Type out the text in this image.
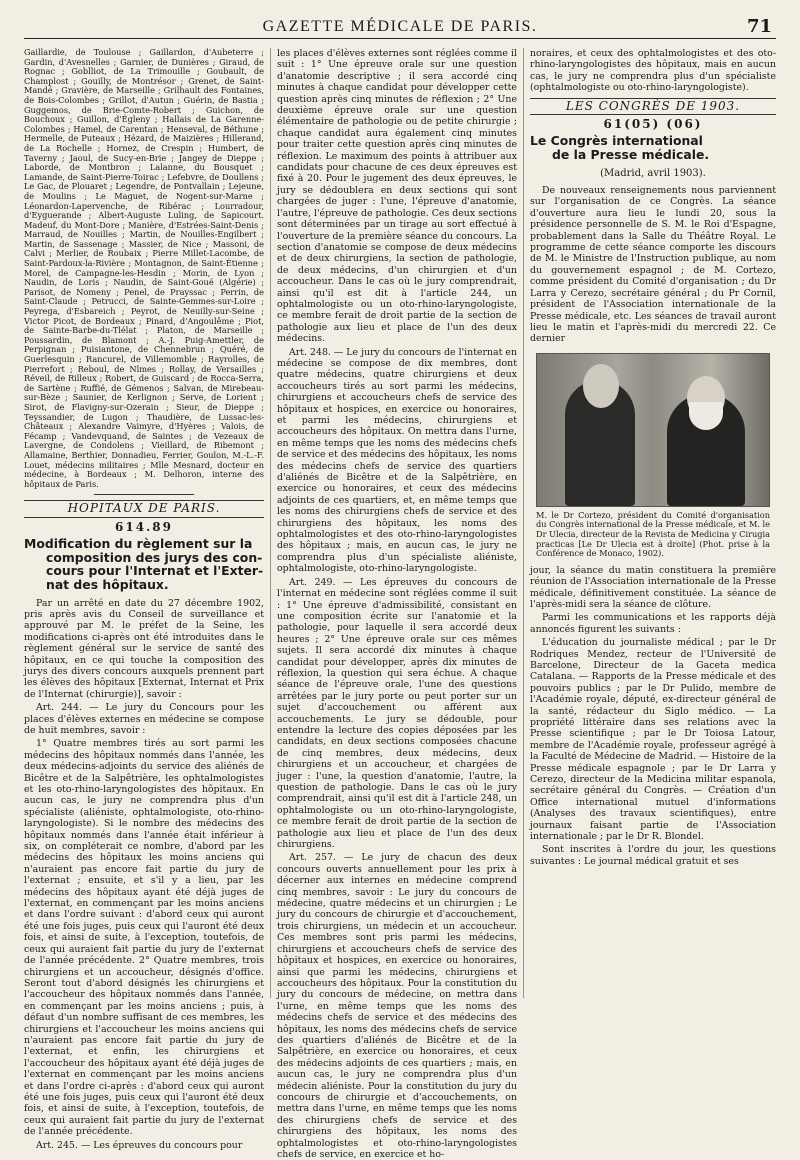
GAZETTE MÉDICALE DE PARIS.	71

Gaillardie, de Toulouse ; Gaillardon, d'Aubeterre ; Gardin, d'Avesnelles ; Garnier, de Dunières ; Giraud, de Rognac ; Goblliot, de La Trimouille ; Goubault, de Champlost ; Gouilly, de Montrésor ; Grenet, de Saint-Mandé ; Gravière, de Marseille ; Grilhault des Fontaines, de Bois-Colombes ; Grillot, d'Autun ; Guérin, de Bastia ; Guggemos, de Brie-Comte-Robert ; Guichon, de Bouchoux ; Guillon, d'Égleny ; Hallais de La Garenne-Colombes ; Hamel, de Carentan ; Henseval, de Béthune ; Hermelle, de Puteaux ; Hézard, de Maizières ; Hillerand, de La Rochelle ; Hornez, de Crespin ; Humbert, de Taverny ; Jaoul, de Sucy-en-Brie ; Jangey de Dieppe ; Laborde, de Montbron ; Lalanne, du Bousquet ; Lamande, de Saint-Pierre-Toirac ; Lefebvre, de Doullens ; Le Gac, de Plouaret ; Legendre, de Pontvallain ; Lejeune, de Moulins ; Le Maguet, de Nogent-sur-Marne ; Léonardon-Lapervenche, de Ribérac ; Lourradour, d'Eyguerande ; Albert-Auguste Luling, de Sapicourt. Madeuf, du Mont-Dore ; Manière, d'Estrées-Saint-Denis ; Marraud, de Nouilles ; Martin, de Nouilles-Engilbert ; Martin, de Sassenage ; Massier, de Nice ; Massoni, de Calvi ; Merlier, de Roubaix ; Pierre Millet-Lacombe, de Saint-Pardoux-la-Rivière ; Montagnon, de Saint-Étienne ; Morel, de Campagne-les-Hesdin ; Morin, de Lyon ; Naudin, de Loris ; Naudin, de Saint-Goué (Algérie) ; Parisot, de Nomeny ; Penel, de Prayssac ; Perrin, de Saint-Claude ; Petrucci, de Sainte-Gemmes-sur-Loire ; Peyrega, d'Esbareich ; Peyrot, de Neuilly-sur-Seine ; Victor Picot, de Bordeaux ; Pinard, d'Angoulême ; Piot, de Sainte-Barbe-du-Tlélat ; Platon, de Marseille ; Poussardin, de Blamont ; A.-J. Puig-Amettler, de Perpignan ; Puisiantone, de Chennebrun ; Quéré, de Guerlesquin ; Rancurel, de Villemomble ; Rayrolles, de Pierrefort ; Reboul, de Nîmes ; Rollay, de Versailles ; Réveil, de Rilleux ; Robert, de Guiscard ; de Rocca-Serra, de Sartène ; Ruffié, de Gémenos ; Salvan, de Mirebeau-sur-Bèze ; Saunier, de Kerlignon ; Serve, de Lorient ; Sirot, de Flavigny-sur-Ozerain ; Sieur, de Dieppe ; Teyssandier, de Lugon ; Thaudière, de Lussac-les-Châteaux ; Alexandre Vaimyre, d'Hyères ; Valois, de Fécamp ; Vandevquand, de Saintes ; de Vezeaux de Lavergne, de Condolens ; Vieillard, de Ribemont ; Allamaine, Berthier, Donnadieu, Ferrier, Goulon, M.-L.-F. Louet, médecins militaires ; Mlle Mesnard, docteur en médecine, à Bordeaux ; M. Delhoron, interne des hôpitaux de Paris.

HOPITAUX DE PARIS.
614.89
Modification du règlement sur la
composition des jurys des con-
cours pour l'Internat et l'Exter-
nat des hôpitaux.

Par un arrêté en date du 27 décembre 1902, pris après avis du Conseil de surveillance et approuvé par M. le préfet de la Seine, les modifications ci-après ont été introduites dans le règlement général sur le service de santé des hôpitaux, en ce qui touche la composition des jurys des divers concours auxquels prennent part les élèves des hôpitaux [Externat, Internat et Prix de l'Internat (chirurgie)], savoir :

Art. 244. — Le jury du Concours pour les places d'élèves externes en médecine se compose de huit membres, savoir :

1° Quatre membres tirés au sort parmi les médecins des hôpitaux nommés dans l'année, les deux médecins-adjoints du service des aliénés de Bicêtre et de la Salpêtrière, les ophtalmologistes et les oto-rhino-laryngologistes des hôpitaux. En aucun cas, le jury ne comprendra plus d'un spécialiste (aliéniste, ophtalmologiste, oto-rhino-laryngologiste). Si le nombre des médecins des hôpitaux nommés dans l'année était inférieur à six, on compléterait ce nombre, d'abord par les médecins des hôpitaux les moins anciens qui n'auraient pas encore fait partie du jury de l'externat ; ensuite, et s'il y a lieu, par les médecins des hôpitaux ayant été déjà juges de l'externat, en commençant par les moins anciens et dans l'ordre suivant : d'abord ceux qui auront été une fois juges, puis ceux qui l'auront été deux fois, et ainsi de suite, à l'exception, toutefois, de ceux qui auraient fait partie du jury de l'externat de l'année précédente. 2° Quatre membres, trois chirurgiens et un accoucheur, désignés d'office. Seront tout d'abord désignés les chirurgiens et l'accoucheur des hôpitaux nommés dans l'année, en commençant par les moins anciens ; puis, à défaut d'un nombre suffisant de ces membres, les chirurgiens et l'accoucheur les moins anciens qui n'auraient pas encore fait partie du jury de l'externat, et enfin, les chirurgiens et l'accoucheur des hôpitaux ayant été déjà juges de l'externat en commençant par les moins anciens et dans l'ordre ci-après : d'abord ceux qui auront été une fois juges, puis ceux qui l'auront été deux fois, et ainsi de suite, à l'exception, toutefois, de ceux qui auraient fait partie du jury de l'externat de l'année précédente.

Art. 245. — Les épreuves du concours pour

les places d'élèves externes sont réglées comme il suit : 1° Une épreuve orale sur une question d'anatomie descriptive ; il sera accordé cinq minutes à chaque candidat pour développer cette question après cinq minutes de réflexion ; 2° Une deuxième épreuve orale sur une question élémentaire de pathologie ou de petite chirurgie ; chaque candidat aura également cinq minutes pour traiter cette question après cinq minutes de réflexion. Le maximum des points à attribuer aux candidats pour chacune de ces deux épreuves est fixé à 20. Pour le jugement des deux épreuves, le jury se dédoublera en deux sections qui sont chargées de juger : l'une, l'épreuve d'anatomie, l'autre, l'épreuve de pathologie. Ces deux sections sont déterminées par un tirage au sort effectué à l'ouverture de la première séance du concours. La section d'anatomie se compose de deux médecins et de deux chirurgiens, la section de pathologie, de deux médecins, d'un chirurgien et d'un accoucheur. Dans le cas où le jury comprendrait, ainsi qu'il est dit à l'article 244, un ophtalmologiste ou un oto-rhino-laryngologiste, ce membre ferait de droit partie de la section de pathologie aux lieu et place de l'un des deux médecins.

Art. 248. — Le jury du concours de l'internat en médecine se compose de dix membres, dont quatre médecins, quatre chirurgiens et deux accoucheurs tirés au sort parmi les médecins, chirurgiens et accoucheurs chefs de service des hôpitaux et hospices, en exercice ou honoraires, et parmi les médecins, chirurgiens et accoucheurs des hôpitaux. On mettra dans l'urne, en même temps que les noms des médecins chefs de service et des médecins des hôpitaux, les noms des médecins chefs de service des quartiers d'aliénés de Bicêtre et de la Salpêtrière, en exercice ou honoraires, et ceux des médecins adjoints de ces quartiers, et, en même temps que les noms des chirurgiens chefs de service et des chirurgiens des hôpitaux, les noms des ophtalmologistes et des oto-rhino-laryngologistes des hôpitaux ; mais, en aucun cas, le jury ne comprendra plus d'un spécialiste aliéniste, ophtalmologiste, oto-rhino-laryngologiste.

Art. 249. — Les épreuves du concours de l'internat en médecine sont réglées comme il suit : 1° Une épreuve d'admissibilité, consistant en une composition écrite sur l'anatomie et la pathologie, pour laquelle il sera accordé deux heures ; 2° Une épreuve orale sur ces mêmes sujets. Il sera accordé dix minutes à chaque candidat pour développer, après dix minutes de réflexion, la question qui sera échue. A chaque séance de l'épreuve orale, l'une des questions arrêtées par le jury porte ou peut porter sur un sujet d'accouchement ou afférent aux accouchements. Le jury se dédouble, pour entendre la lecture des copies déposées par les candidats, en deux sections composées chacune de cinq membres, deux médecins, deux chirurgiens et un accoucheur, et chargées de juger : l'une, la question d'anatomie, l'autre, la question de pathologie. Dans le cas où le jury comprendrait, ainsi qu'il est dit à l'article 248, un ophtalmologiste ou un oto-rhino-laryngologiste, ce membre ferait de droit partie de la section de pathologie aux lieu et place de l'un des deux chirurgiens.

Art. 257. — Le jury de chacun des deux concours ouverts annuellement pour les prix à décerner aux internes en médecine comprend cinq membres, savoir : Le jury du concours de médecine, quatre médecins et un chirurgien ; Le jury du concours de chirurgie et d'accouchement, trois chirurgiens, un médecin et un accoucheur. Ces membres sont pris parmi les médecins, chirurgiens et accoucheurs chefs de service des hôpitaux et hospices, en exercice ou honoraires, ainsi que parmi les médecins, chirurgiens et accoucheurs des hôpitaux. Pour la constitution du jury du concours de médecine, on mettra dans l'urne, en même temps que les noms des médecins chefs de service et des médecins des hôpitaux, les noms des médecins chefs de service des quartiers d'aliénés de Bicêtre et de la Salpêtrière, en exercice ou honoraires, et ceux des médecins adjoints de ces quartiers ; mais, en aucun cas, le jury ne comprendra plus d'un médecin aliéniste. Pour la constitution du jury du concours de chirurgie et d'accouchements, on mettra dans l'urne, en même temps que les noms des chirurgiens chefs de service et des chirurgiens des hôpitaux, les noms des ophtalmologistes et oto-rhino-laryngologistes chefs de service, en exercice et ho-

noraires, et ceux des ophtalmologistes et des oto-rhino-laryngologistes des hôpitaux, mais en aucun cas, le jury ne comprendra plus d'un spécialiste (ophtalmologiste ou oto-rhino-laryngologiste).

LES CONGRÈS DE 1903.
61(05) (06)
Le Congrès international
de la Presse médicale.
(Madrid, avril 1903).

De nouveaux renseignements nous parviennent sur l'organisation de ce Congrès. La séance d'ouverture aura lieu le lundi 20, sous la présidence personnelle de S. M. le Roi d'Espagne, probablement dans la Salle du Théâtre Royal. Le programme de cette séance comporte les discours de M. le Ministre de l'Instruction publique, au nom du gouvernement espagnol ; de M. Cortezo, comme président du Comité d'organisation ; du Dr Larra y Cerezo, secrétaire général ; du Pr Cornil, président de l'Association internationale de la Presse médicale, etc. Les séances de travail auront lieu le matin et l'après-midi du mercredi 22. Ce dernier

M. le Dr Cortezo, président du Comité d'organisation du Congrès international de la Presse médicale, et M. le Dr Ulecia, directeur de la Revista de Medicina y Cirugia practicas [Le Dr Ulecia est à droite] (Phot. prise à la Conférence de Monaco, 1902).

jour, la séance du matin constituera la première réunion de l'Association internationale de la Presse médicale, définitivement constituée. La séance de l'après-midi sera la séance de clôture.

Parmi les communications et les rapports déjà annoncés figurent les suivants :

L'éducation du journaliste médical ; par le Dr Rodriques Mendez, recteur de l'Université de Barcelone, Directeur de la Gaceta medica Catalana. — Rapports de la Presse médicale et des pouvoirs publics ; par le Dr Pulido, membre de l'Académie royale, député, ex-directeur général de la santé, rédacteur du Siglo médico. — La propriété littéraire dans ses relations avec la Presse scientifique ; par le Dr Toiosa Latour, membre de l'Académie royale, professeur agrégé à la Faculté de Médecine de Madrid. — Histoire de la Presse médicale espagnole ; par le Dr Larra y Cerezo, directeur de la Medicina militar espanola, secrétaire général du Congrès. — Création d'un Office international mutuel d'informations (Analyses des travaux scientifiques), entre journaux faisant partie de l'Association internationale ; par le Dr R. Blondel.

Sont inscrites à l'ordre du jour, les questions suivantes : Le journal médical gratuit et ses
